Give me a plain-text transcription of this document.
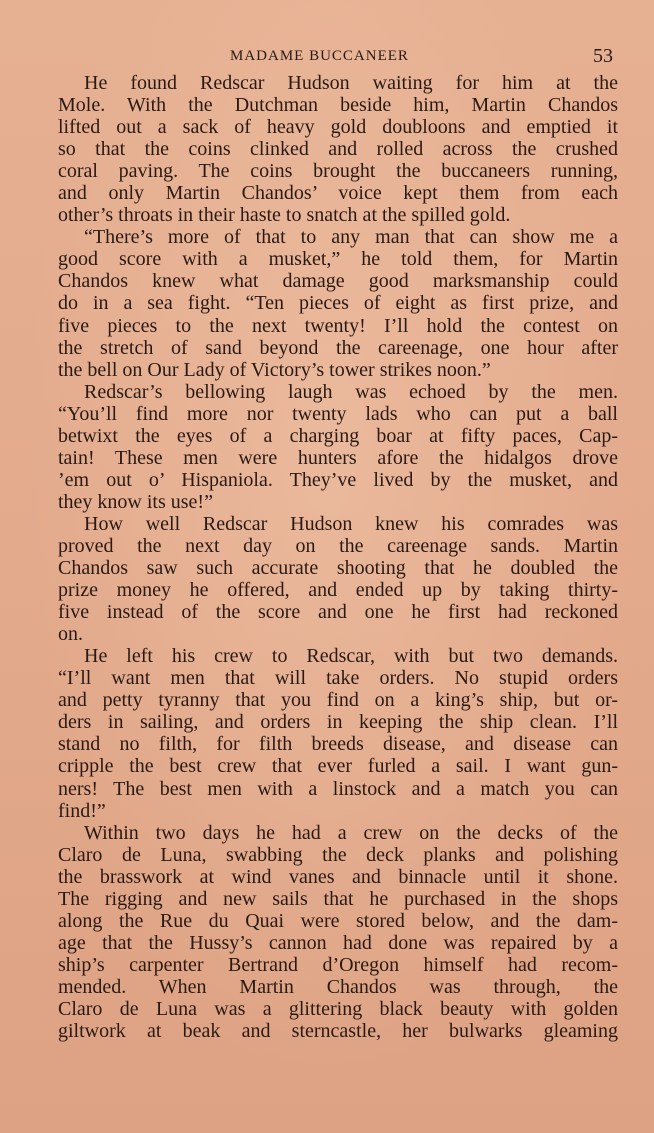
MADAME BUCCANEER	53
He found Redscar Hudson waiting for him at the
Mole. With the Dutchman beside him, Martin Chandos
lifted out a sack of heavy gold doubloons and emptied it
so that the coins clinked and rolled across the crushed
coral paving. The coins brought the buccaneers running,
and only Martin Chandos’ voice kept them from each
other’s throats in their haste to snatch at the spilled gold.
“There’s more of that to any man that can show me a
good score with a musket,” he told them, for Martin
Chandos knew what damage good marksmanship could
do in a sea fight. “Ten pieces of eight as first prize, and
five pieces to the next twenty! I’ll hold the contest on
the stretch of sand beyond the careenage, one hour after
the bell on Our Lady of Victory’s tower strikes noon.”
Redscar’s bellowing laugh was echoed by the men.
“You’ll find more nor twenty lads who can put a ball
betwixt the eyes of a charging boar at fifty paces, Cap-
tain! These men were hunters afore the hidalgos drove
’em out o’ Hispaniola. They’ve lived by the musket, and
they know its use!”
How well Redscar Hudson knew his comrades was
proved the next day on the careenage sands. Martin
Chandos saw such accurate shooting that he doubled the
prize money he offered, and ended up by taking thirty-
five instead of the score and one he first had reckoned
on.
He left his crew to Redscar, with but two demands.
“I’ll want men that will take orders. No stupid orders
and petty tyranny that you find on a king’s ship, but or-
ders in sailing, and orders in keeping the ship clean. I’ll
stand no filth, for filth breeds disease, and disease can
cripple the best crew that ever furled a sail. I want gun-
ners! The best men with a linstock and a match you can
find!”
Within two days he had a crew on the decks of the
Claro de Luna, swabbing the deck planks and polishing
the brasswork at wind vanes and binnacle until it shone.
The rigging and new sails that he purchased in the shops
along the Rue du Quai were stored below, and the dam-
age that the Hussy’s cannon had done was repaired by a
ship’s carpenter Bertrand d’Oregon himself had recom-
mended. When Martin Chandos was through, the
Claro de Luna was a glittering black beauty with golden
giltwork at beak and sterncastle, her bulwarks gleaming
